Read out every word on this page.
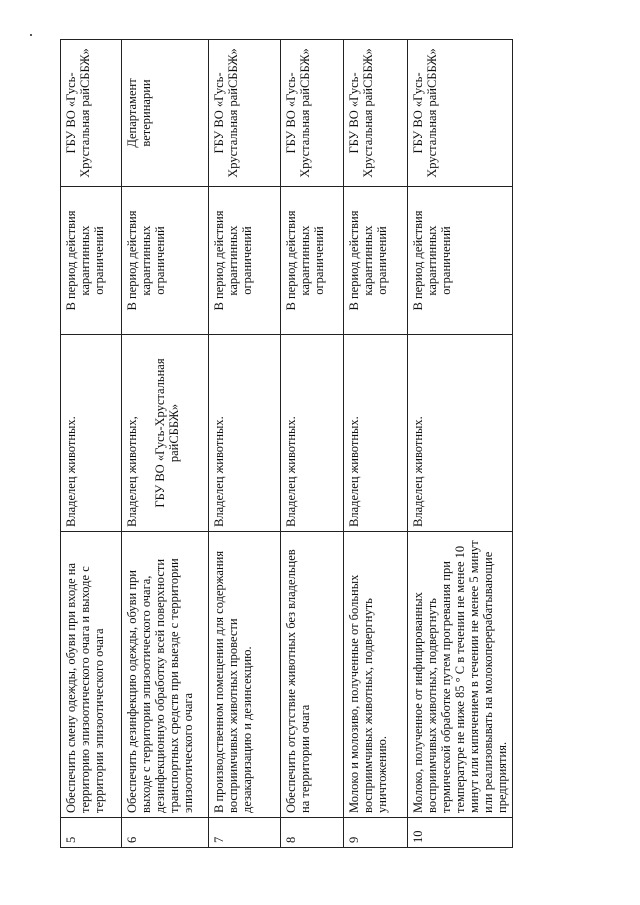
5	Обеспечить смену одежды, обуви при входе на территорию эпизоотического очага и выходе с территории эпизоотического очага	Владелец животных.	В период действия карантинных ограничений	ГБУ ВО «Гусь-Хрустальная райСББЖ»
6	Обеспечить дезинфекцию одежды, обуви при выходе с территории эпизоотического очага, дезинфекционную обработку всей поверхности транспортных средств при выезде с территории эпизоотического очага	Владелец животных, ГБУ ВО «Гусь-Хрустальная райСББЖ»	В период действия карантинных ограничений	Департамент ветеринарии
7	В производственном помещении для содержания восприимчивых животных провести дезакаризацию и дезинсекцию.	Владелец животных.	В период действия карантинных ограничений	ГБУ ВО «Гусь-Хрустальная райСББЖ»
8	Обеспечить отсутствие животных без владельцев на территории очага	Владелец животных.	В период действия карантинных ограничений	ГБУ ВО «Гусь-Хрустальная райСББЖ»
9	Молоко и молозиво, полученные от больных восприимчивых животных, подвергнуть уничтожению.	Владелец животных.	В период действия карантинных ограничений	ГБУ ВО «Гусь-Хрустальная райСББЖ»
10	Молоко, полученное от инфицированных восприимчивых животных, подвергнуть термической обработке путем прогревания при температуре не ниже 85 ° С в течении не менее 10 минут или кипячением в течении не менее 5 минут или реализовывать на молокоперерабатывающие предприятия.	Владелец животных.	В период действия карантинных ограничений	ГБУ ВО «Гусь-Хрустальная райСББЖ»
